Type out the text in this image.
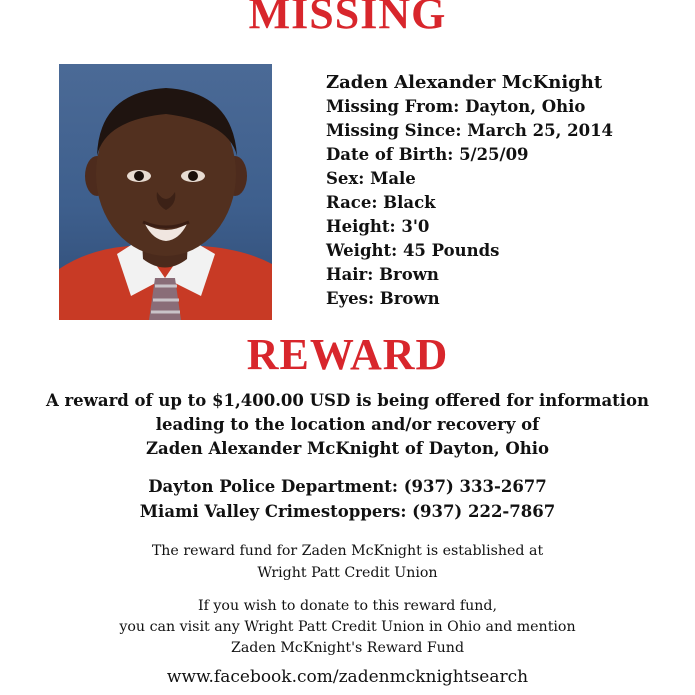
MISSING
Zaden Alexander McKnight
Missing From: Dayton, Ohio
Missing Since: March 25, 2014
Date of Birth: 5/25/09
Sex: Male
Race: Black
Height: 3'0
Weight: 45 Pounds
Hair: Brown
Eyes: Brown
REWARD

A reward of up to $1,400.00 USD is being offered for information

leading to the location and/or recovery of

Zaden Alexander McKnight of Dayton, Ohio

Dayton Police Department: (937) 333-2677

Miami Valley Crimestoppers: (937) 222-7867

The reward fund for Zaden McKnight is established at

Wright Patt Credit Union

If you wish to donate to this reward fund,

you can visit any Wright Patt Credit Union in Ohio and mention

Zaden McKnight's Reward Fund

www.facebook.com/zadenmcknightsearch
